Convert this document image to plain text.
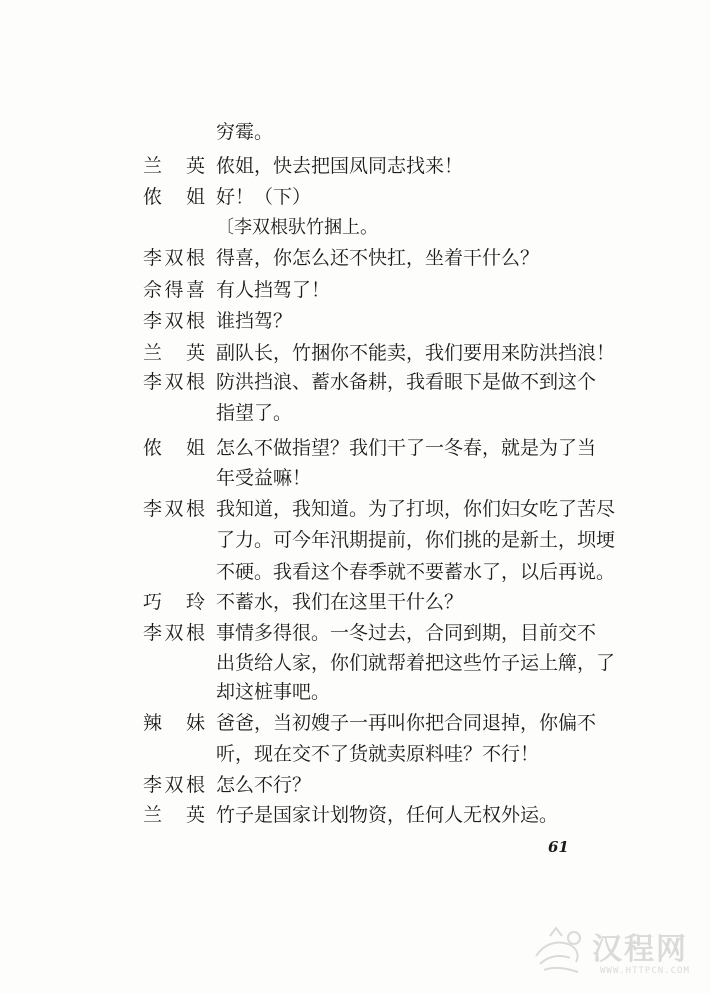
穷霉。
兰　英 侬姐，快去把国凤同志找来！
侬　姐 好！（下）
〔李双根驮竹捆上。
李双根 得喜，你怎么还不快扛，坐着干什么？
佘得喜 有人挡驾了！
李双根 谁挡驾？
兰　英 副队长，竹捆你不能卖，我们要用来防洪挡浪！
李双根 防洪挡浪、蓄水备耕，我看眼下是做不到这个
指望了。
侬　姐 怎么不做指望？我们干了一冬春，就是为了当
年受益嘛！
李双根 我知道，我知道。为了打坝，你们妇女吃了苦尽
了力。可今年汛期提前，你们挑的是新土，坝埂
不硬。我看这个春季就不要蓄水了，以后再说。
巧　玲 不蓄水，我们在这里干什么？
李双根 事情多得很。一冬过去，合同到期，目前交不
出货给人家，你们就帮着把这些竹子运上簰，了
却这桩事吧。
辣　妹 爸爸，当初嫂子一再叫你把合同退掉，你偏不
听，现在交不了货就卖原料哇？不行！
李双根 怎么不行？
兰　英 竹子是国家计划物资，任何人无权外运。
61
汉程网
WWW.HTTPCN.COM
